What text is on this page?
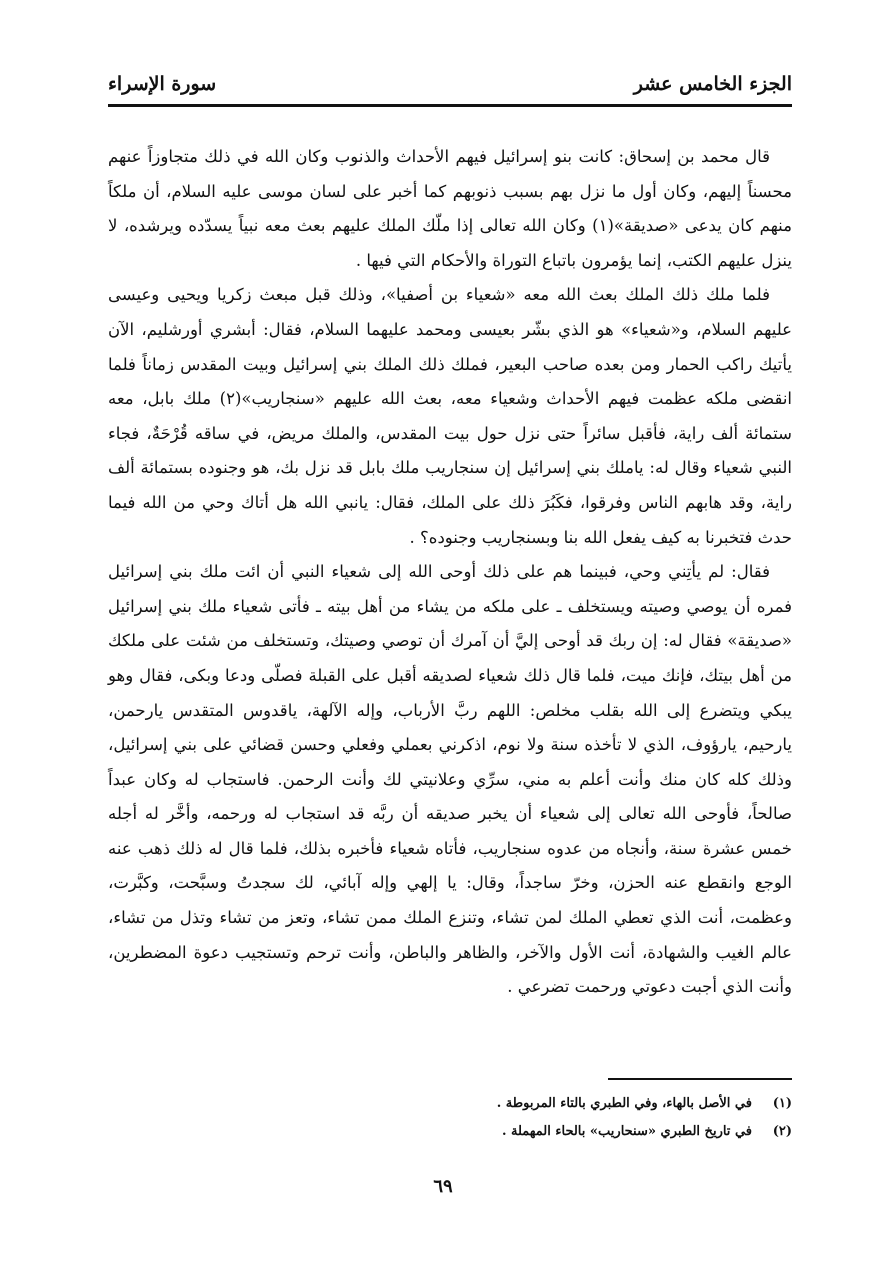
الجزء الخامس عشر
سورة الإسراء

قال محمد بن إسحاق: كانت بنو إسرائيل فيهم الأحداث والذنوب وكان الله في ذلك متجاوزاً عنهم محسناً إليهم، وكان أول ما نزل بهم بسبب ذنوبهم كما أخبر على لسان موسى عليه السلام، أن ملكاً منهم كان يدعى «صديقة»(١) وكان الله تعالى إذا ملّك الملك عليهم بعث معه نبياً يسدّده ويرشده، لا ينزل عليهم الكتب، إنما يؤمرون باتباع التوراة والأحكام التي فيها .

فلما ملك ذلك الملك بعث الله معه «شعياء بن أصفيا»، وذلك قبل مبعث زكريا ويحيى وعيسى عليهم السلام، و«شعياء» هو الذي بشّر بعيسى ومحمد عليهما السلام، فقال: أبشري أورشليم، الآن يأتيك راكب الحمار ومن بعده صاحب البعير، فملك ذلك الملك بني إسرائيل وبيت المقدس زماناً فلما انقضى ملكه عظمت فيهم الأحداث وشعياء معه، بعث الله عليهم «سنجاريب»(٢) ملك بابل، معه ستمائة ألف راية، فأقبل سائراً حتى نزل حول بيت المقدس، والملك مريض، في ساقه قُرْحَةٌ، فجاء النبي شعياء وقال له: ياملك بني إسرائيل إن سنجاريب ملك بابل قد نزل بك، هو وجنوده بستمائة ألف راية، وقد هابهم الناس وفرقوا، فكَبُرَ ذلك على الملك، فقال: يانبي الله هل أتاك وحي من الله فيما حدث فتخبرنا به كيف يفعل الله بنا وبسنجاريب وجنوده؟ .

فقال: لم يأتِني وحي، فبينما هم على ذلك أوحى الله إلى شعياء النبي أن ائت ملك بني إسرائيل فمره أن يوصي وصيته ويستخلف ـ على ملكه من يشاء من أهل بيته ـ فأتى شعياء ملك بني إسرائيل «صديقة» فقال له: إن ربك قد أوحى إليَّ أن آمرك أن توصي وصيتك، وتستخلف من شئت على ملكك من أهل بيتك، فإنك ميت، فلما قال ذلك شعياء لصديقه أقبل على القبلة فصلّى ودعا وبكى، فقال وهو يبكي ويتضرع إلى الله بقلب مخلص: اللهم ربَّ الأرباب، وإله الآلهة، ياقدوس المتقدس يارحمن، يارحيم، يارؤوف، الذي لا تأخذه سنة ولا نوم، اذكرني بعملي وفعلي وحسن قضائي على بني إسرائيل، وذلك كله كان منك وأنت أعلم به مني، سرِّي وعلانيتي لك وأنت الرحمن. فاستجاب له وكان عبداً صالحاً، فأوحى الله تعالى إلى شعياء أن يخبر صديقه أن ربَّه قد استجاب له ورحمه، وأخَّر له أجله خمس عشرة سنة، وأنجاه من عدوه سنجاريب، فأتاه شعياء فأخبره بذلك، فلما قال له ذلك ذهب عنه الوجع وانقطع عنه الحزن، وخرّ ساجداً، وقال: يا إلهي وإله آبائي، لك سجدتُ وسبَّحت، وكبَّرت، وعظمت، أنت الذي تعطي الملك لمن تشاء، وتنزع الملك ممن تشاء، وتعز من تشاء وتذل من تشاء، عالم الغيب والشهادة، أنت الأول والآخر، والظاهر والباطن، وأنت ترحم وتستجيب دعوة المضطرين، وأنت الذي أجبت دعوتي ورحمت تضرعي .

(١)
في الأصل بالهاء، وفي الطبري بالتاء المربوطة .
(٢)
في تاريخ الطبري «سنحاريب» بالحاء المهملة .
٦٩
